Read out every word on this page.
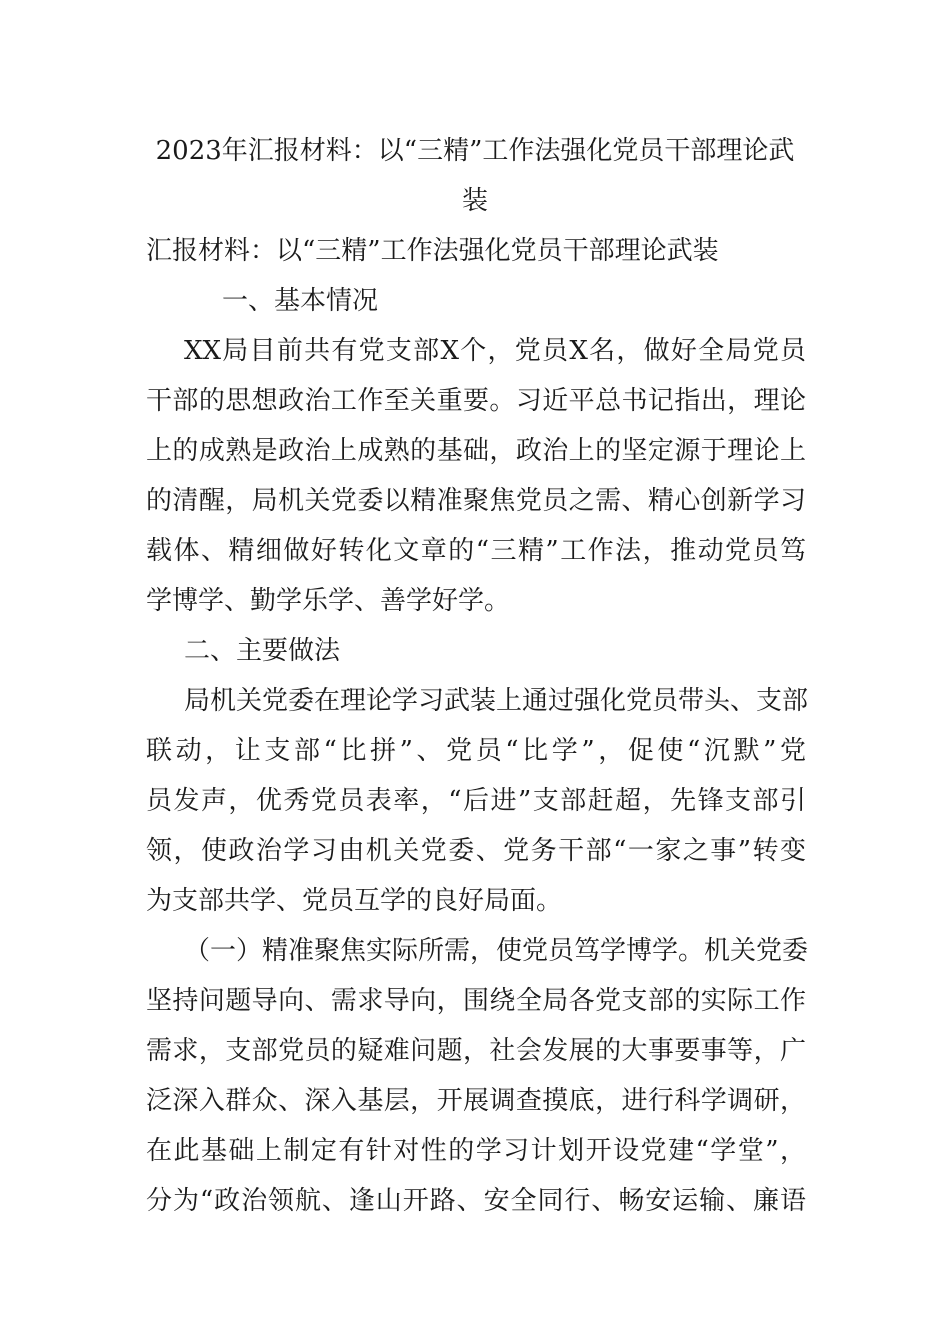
2023年汇报材料：以“三精”工作法强化党员干部理论武
装

汇报材料：以“三精”工作法强化党员干部理论武装

一、基本情况

XX局目前共有党支部X个，党员X名，做好全局党员

干部的思想政治工作至关重要。习近平总书记指出，理论

上的成熟是政治上成熟的基础，政治上的坚定源于理论上

的清醒，局机关党委以精准聚焦党员之需、精心创新学习

载体、精细做好转化文章的“三精”工作法，推动党员笃

学博学、勤学乐学、善学好学。

二、主要做法

局机关党委在理论学习武装上通过强化党员带头、支部

联动，让支部“比拼”、党员“比学”，促使“沉默”党

员发声，优秀党员表率，“后进”支部赶超，先锋支部引

领，使政治学习由机关党委、党务干部“一家之事”转变

为支部共学、党员互学的良好局面。

（一）精准聚焦实际所需，使党员笃学博学。机关党委

坚持问题导向、需求导向，围绕全局各党支部的实际工作

需求，支部党员的疑难问题，社会发展的大事要事等，广

泛深入群众、深入基层，开展调查摸底，进行科学调研，

在此基础上制定有针对性的学习计划开设党建“学堂”，

分为“政治领航、逢山开路、安全同行、畅安运输、廉语
